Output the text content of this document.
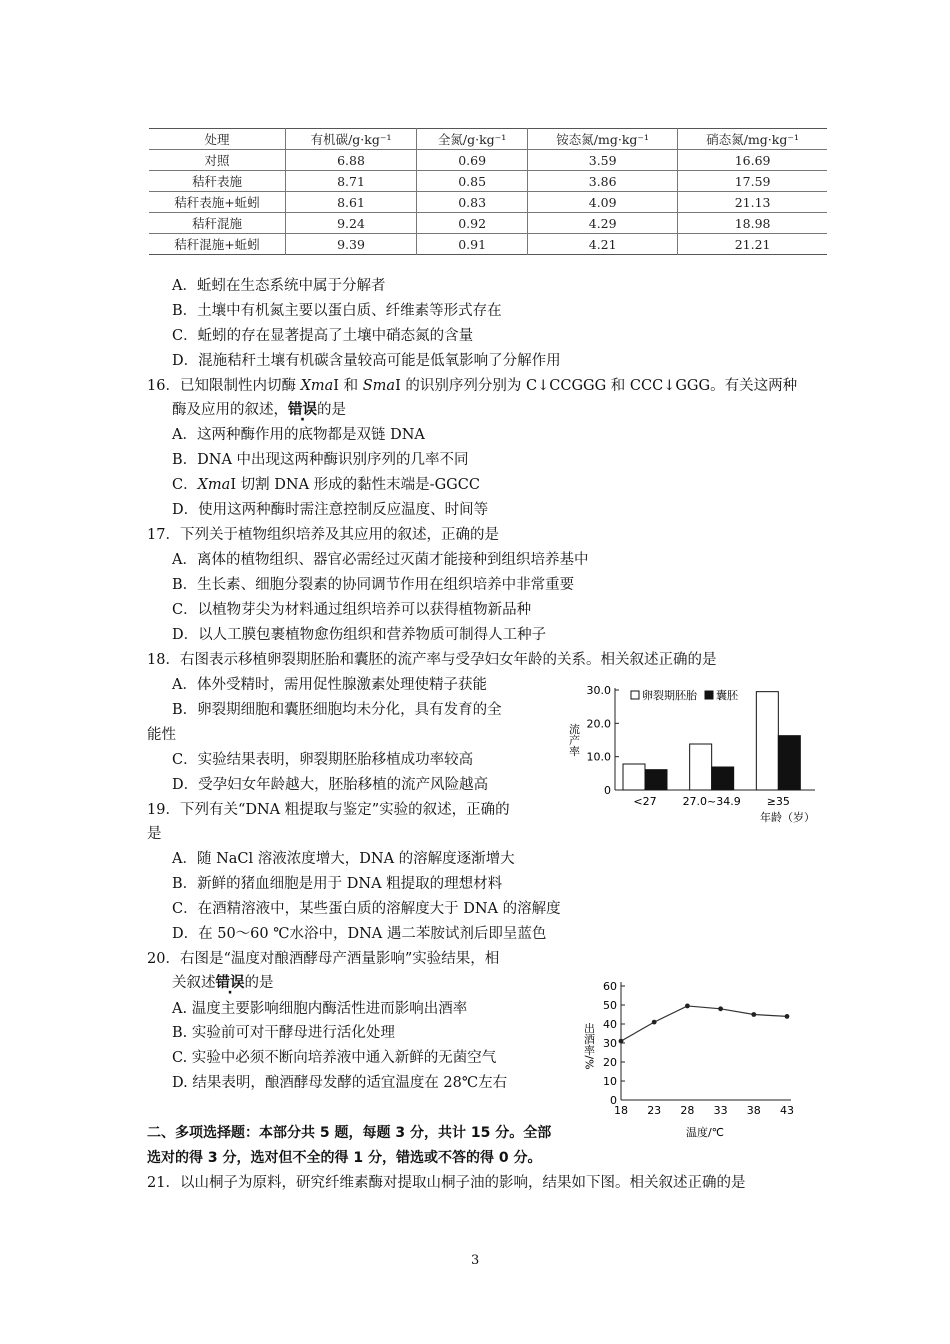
处理	有机碳/g·kg⁻¹	全氮/g·kg⁻¹	铵态氮/mg·kg⁻¹	硝态氮/mg·kg⁻¹
对照	6.88	0.69	3.59	16.69
秸秆表施	8.71	0.85	3.86	17.59
秸秆表施+蚯蚓	8.61	0.83	4.09	21.13
秸秆混施	9.24	0.92	4.29	18.98
秸秆混施+蚯蚓	9.39	0.91	4.21	21.21
A．蚯蚓在生态系统中属于分解者
B．土壤中有机氮主要以蛋白质、纤维素等形式存在
C．蚯蚓的存在显著提高了土壤中硝态氮的含量
D．混施秸秆土壤有机碳含量较高可能是低氧影响了分解作用
16．已知限制性内切酶 XmaⅠ 和 SmaⅠ 的识别序列分别为 C↓CCGGG 和 CCC↓GGG。有关这两种
酶及应用的叙述，错误的是
A．这两种酶作用的底物都是双链 DNA
B．DNA 中出现这两种酶识别序列的几率不同
C．XmaⅠ 切割 DNA 形成的黏性末端是-GGCC
D．使用这两种酶时需注意控制反应温度、时间等
17．下列关于植物组织培养及其应用的叙述，正确的是
A．离体的植物组织、器官必需经过灭菌才能接种到组织培养基中
B．生长素、细胞分裂素的协同调节作用在组织培养中非常重要
C．以植物芽尖为材料通过组织培养可以获得植物新品种
D．以人工膜包裹植物愈伤组织和营养物质可制得人工种子
18．右图表示移植卵裂期胚胎和囊胚的流产率与受孕妇女年龄的关系。相关叙述正确的是
A．体外受精时，需用促性腺激素处理使精子获能
B．卵裂期细胞和囊胚细胞均未分化，具有发育的全
能性
C．实验结果表明，卵裂期胚胎移植成功率较高
D．受孕妇女年龄越大，胚胎移植的流产风险越高	0
10.0
20.0
30.0
流产率
<27 27.0~34.9 ≥35
卵裂期胚胎 囊胚
年龄（岁）
19．下列有关“DNA 粗提取与鉴定”实验的叙述，正确的
是
A．随 NaCl 溶液浓度增大，DNA 的溶解度逐渐增大
B．新鲜的猪血细胞是用于 DNA 粗提取的理想材料
C．在酒精溶液中，某些蛋白质的溶解度大于 DNA 的溶解度
D．在 50～60 ℃水浴中，DNA 遇二苯胺试剂后即呈蓝色
20．右图是“温度对酿酒酵母产酒量影响”实验结果，相
关叙述错误的是
A. 温度主要影响细胞内酶活性进而影响出酒率
B. 实验前可对干酵母进行活化处理
C. 实验中必须不断向培养液中通入新鲜的无菌空气
D. 结果表明，酿酒酵母发酵的适宜温度在 28℃左右
0
10
20
30
40
50
60
18 23 28 33 38 43
出酒率/%
温度/℃
二、多项选择题：本部分共 5 题，每题 3 分，共计 15 分。全部
选对的得 3 分，选对但不全的得 1 分，错选或不答的得 0 分。
21．以山桐子为原料，研究纤维素酶对提取山桐子油的影响，结果如下图。相关叙述正确的是
3
